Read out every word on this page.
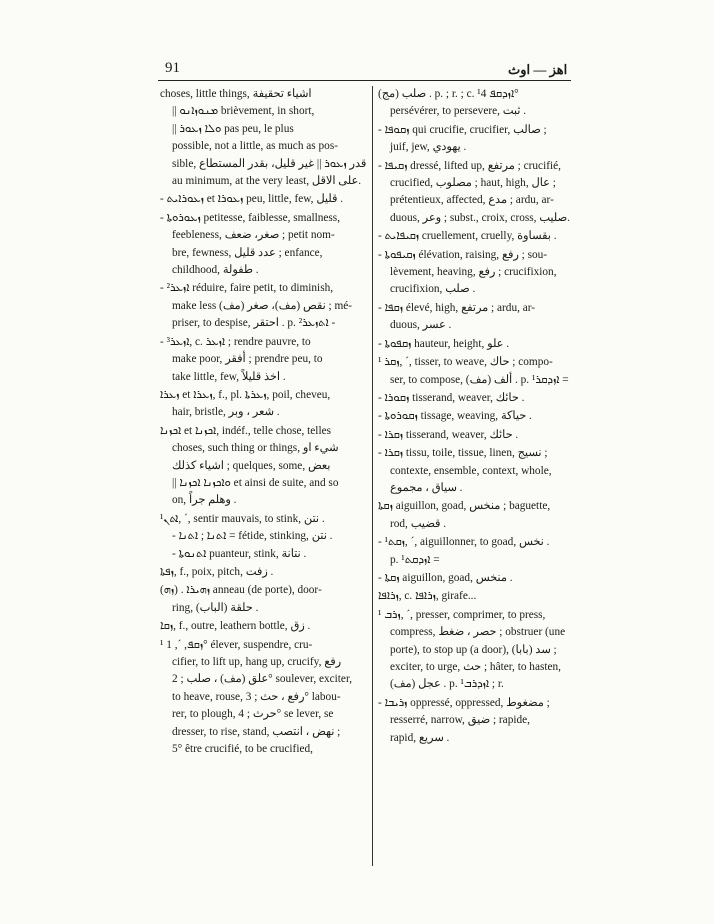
91	اهز — اوث
choses, little things, اشياء تحقيفة
|| ܡܢܘܙܐܢܘ brièvement, in short,
|| ܘܠܐ ܙܥܘܪ pas peu, le plus
possible, not a little, as much as pos-
sible, قدر ܙܥܘܪ || غير قليل، بقدر المستطاع
au minimum, at the very least, على الاقل.
- ܙܥܘܪܐܝܬ et ܙܥܘܪܐ peu, little, few, قليل .
- ܙܥܘܪܘܬܐ petitesse, faiblesse, smallness,
feebleness, صغر، ضعف ; petit nom-
bre, fewness, عدد قليل ; enfance,
childhood, طفولة .
- ܐܙܥܪ² réduire, faire petit, to diminish,
make less (مف) نقص (مف)، صغر ; mé-
priser, to despise, احتقر . p. ܐܬܙܥܪ² -
- ܐܙܥܪ³, c. ܐܙܥܪ ; rendre pauvre, to
make poor, أفقر ; prendre peu, to
take little, few, اخذ قليلاً .
ܙܥܪܐ et ܙܥܪܐ, f., pl. ܙܥܪܬܐ, poil, cheveu,
hair, bristle, شعر ، وبر .
ܐܟܙܢܐ et ܐܟܙܢܐ, indéf., telle chose, telles
choses, such thing or things, شيء او
اشياء كذلك ; quelques, some, بعض
|| ܘܐܟܙܢܐ ܐܟܙܢܐ et ainsi de suite, and so
on, وهلم جراً .
¹ܐܬܢ, ´, sentir mauvais, to stink, نتن .
- ܐܬܢܐ ; ܐܬܢܐ = fétide, stinking, نتن .
- ܐܬܢܘܬܐ puanteur, stink, نتانة .
ܙܦܬܐ, f., poix, pitch, زفت .
(ܙܗ) . ܙܗܝܪܐ anneau (de porte), door-
ring, (حلقة (الباب .
ܙܩܐ, f., outre, leathern bottle, زق .
¹ ܙܩܦ, ´, 1° élever, suspendre, cru-
cifier, to lift up, hang up, crucify, رفع
علق (مف) ، صلب ; 2° soulever, exciter,
to heave, rouse, رفع ، حث ; 3° labou-
rer, to plough, حرث ; 4° se lever, se
dresser, to rise, stand, نهض ، انتصب ;
5° être crucifié, to be crucified,
(مج) صلب . p. ; r. ; c. ¹ܐܙܕܩܦ 4°
persévérer, to persevere, ثبت .
- ܙܩܘܦܐ qui crucifie, crucifier, صالب ;
juif, jew, يهودي .
- ܙܩܝܦܐ dressé, lifted up, مرتفع ; crucifié,
crucified, مصلوب ; haut, high, عال ;
prétentieux, affected, مدع ; ardu, ar-
duous, وعر ; subst., croix, cross, صليب.
- ܙܩܝܦܐܝܬ cruellement, cruelly, بقساوة .
- ܙܩܝܦܘܬܐ élévation, raising, رفع ; sou-
lèvement, heaving, رفع ; crucifixion,
crucifixion, صلب .
- ܙܩܦܐ élevé, high, مرتفع ; ardu, ar-
duous, عسر .
- ܙܩܦܘܬܐ hauteur, height, علو .
¹ ܙܩܪ, ´, tisser, to weave, حاك ; compo-
ser, to compose, (مف) ألف . p. ¹ܐܙܕܩܪ =
- ܙܩܘܪܐ tisserand, weaver, حائك .
- ܙܩܘܪܘܬܐ tissage, weaving, حياكة .
- ܙܩܪܐ tisserand, weaver, حائك .
- ܙܩܪܐ tissu, toile, tissue, linen, نسيج ;
contexte, ensemble, context, whole,
سياق ، مجموع .
ܙܩܬܐ aiguillon, goad, منخس ; baguette,
rod, قضيب .
- ¹ܙܩܬ, ´, aiguillonner, to goad, نخس .
p. ¹ܐܙܕܩܬ =
- ܙܩܬܐ aiguillon, goad, منخس .
ܙܪܐܦܐ, c. ܙܪܐܦܐ, girafe...
¹ ܙܪܒ, ´, presser, comprimer, to press,
compress, حصر ، ضغط ; obstruer (une
porte), to stop up (a door), (بابا) سد ;
exciter, to urge, حث ; hâter, to hasten,
(مف) عجل . p. ¹ܐܙܕܪܒ ; r.
- ܙܪܝܒܐ oppressé, oppressed, مضغوط ;
resserré, narrow, ضيق ; rapide,
rapid, سريع .
